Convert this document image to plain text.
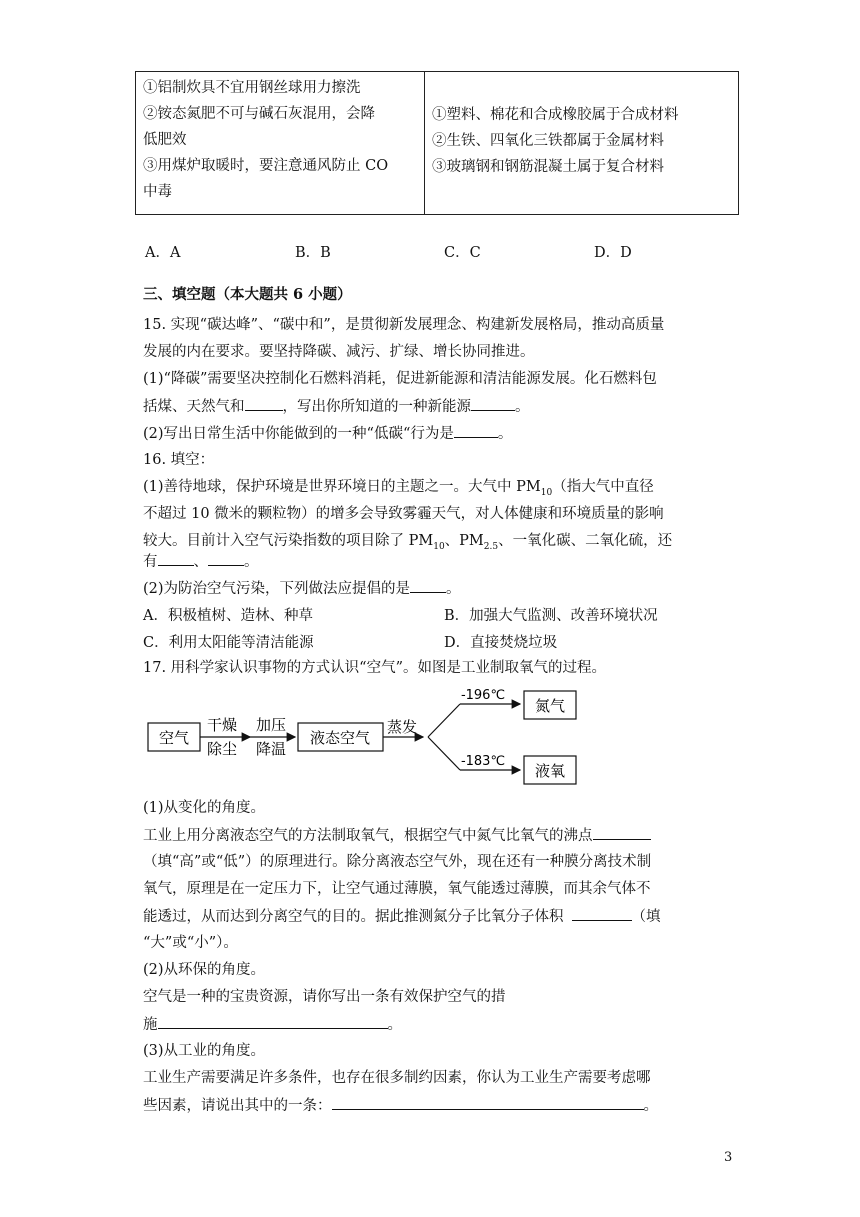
①铝制炊具不宜用钢丝球用力擦洗
②铵态氮肥不可与碱石灰混用，会降
低肥效
③用煤炉取暖时，要注意通风防止 CO
中毒

①塑料、棉花和合成橡胶属于合成材料
②生铁、四氧化三铁都属于金属材料
③玻璃钢和钢筋混凝土属于复合材料
A．A	B．B	C．C	D．D
三、填空题（本大题共 6 小题）
15. 实现“碳达峰”、“碳中和”，是贯彻新发展理念、构建新发展格局，推动高质量
发展的内在要求。要坚持降碳、减污、扩绿、增长协同推进。
(1)“降碳”需要坚决控制化石燃料消耗，促进新能源和清洁能源发展。化石燃料包
括煤、天然气和	，写出你所知道的一种新能源	。
(2)写出日常生活中你能做到的一种“低碳“行为是	。
16. 填空：
(1)善待地球，保护环境是世界环境日的主题之一。大气中 $PM_{10}$（指大气中直径
不超过 10 微米的颗粒物）的增多会导致雾霾天气，对人体健康和环境质量的影响
较大。目前计入空气污染指数的项目除了 $PM_{10}$、$PM_{2.5}$、一氧化碳、二氧化硫，还
有 、 。
(2)为防治空气污染，下列做法应提倡的是 。
A．积极植树、造林、种草	B．加强大气监测、改善环境状况
C．利用太阳能等清洁能源	D．直接焚烧垃圾
17. 用科学家认识事物的方式认识“空气”。如图是工业制取氧气的过程。
空气
干燥
除尘
加压
降温
液态空气
蒸发
-196℃
-183℃
氮气
液氧
(1)从变化的角度。
工业上用分离液态空气的方法制取氧气，根据空气中氮气比氧气的沸点
（填“高”或“低”）的原理进行。除分离液态空气外，现在还有一种膜分离技术制
氧气，原理是在一定压力下，让空气通过薄膜，氧气能透过薄膜，而其余气体不
能透过，从而达到分离空气的目的。据此推测氮分子比氧分子体积	（填
“大”或“小”）。
(2)从环保的角度。
空气是一种的宝贵资源，请你写出一条有效保护空气的措
施	。
(3)从工业的角度。
工业生产需要满足许多条件，也存在很多制约因素，你认为工业生产需要考虑哪
些因素，请说出其中的一条：	。
3
